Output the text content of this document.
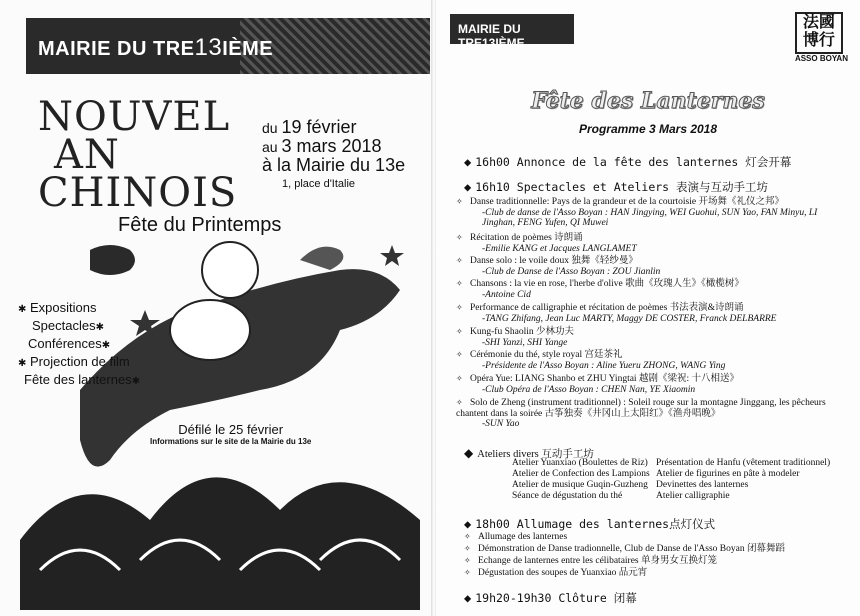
MAIRIE DU TRE13IÈME
NOUVEL
AN
CHINOIS
du 19 février
au 3 mars 2018
à la Mairie du 13e
1, place d'Italie
Fête du Printemps
✱ Expositions
Spectacles✱
Conférences✱
✱ Projection de film
Fête des lanternes✱
Défilé le 25 février
Informations sur le site de la Mairie du 13e
MAIRIE DU TRE13IÈME
法國博行
ASSO BOYAN
Fête des Lanternes
Programme 3 Mars 2018
◆ 16h00 Annonce de la fête des lanternes 灯会开幕
◆ 16h10 Spectacles et Ateliers 表演与互动手工坊
✧ Danse traditionnelle: Pays de la grandeur et de la courtoisie 开场舞《礼仪之邦》
-Club de danse de l'Asso Boyan : HAN Jingying, WEI Guohui, SUN Yao, FAN Minyu, LI Jinghan, FENG Yufen, QI Muwei
✧ Récitation de poèmes 诗朗诵
-Emilie KANG et Jacques LANGLAMET
✧ Danse solo : le voile doux 独舞《轻纱曼》
-Club de Danse de l'Asso Boyan : ZOU Jianlin
✧ Chansons : la vie en rose, l'herbe d'olive 歌曲《玫瑰人生》《橄榄树》
-Antoine Cid
✧ Performance de calligraphie et récitation de poèmes 书法表演&诗朗诵
-TANG Zhifang, Jean Luc MARTY, Maggy DE COSTER, Franck DELBARRE
✧ Kung-fu Shaolin 少林功夫
-SHI Yanzi, SHI Yange
✧ Cérémonie du thé, style royal 宫廷茶礼
-Présidente de l'Asso Boyan : Aline Yueru ZHONG, WANG Ying
✧ Opéra Yue: LIANG Shanbo et ZHU Yingtai 越剧《梁祝: 十八相送》
-Club Opéra de l'Asso Boyan : CHEN Nan, YE Xiaomin
✧ Solo de Zheng (instrument traditionnel) : Soleil rouge sur la montagne Jinggang, les pêcheurs chantent dans la soirée 古筝独奏《井冈山上太阳红》《渔舟唱晚》
-SUN Yao
◆ Ateliers divers 互动手工坊
Atelier Yuanxiao (Boulettes de Riz)
Atelier de Confection des Lampions
Atelier de musique Guqin-Guzheng
Séance de dégustation du thé
Présentation de Hanfu (vêtement traditionnel)
Atelier de figurines en pâte à modeler
Devinettes des lanternes
Atelier calligraphie
◆ 18h00 Allumage des lanternes点灯仪式
✧ Allumage des lanternes
✧ Démonstration de Danse tradionnelle, Club de Danse de l'Asso Boyan 闭幕舞蹈
✧ Echange de lanternes entre les célibataires 单身男女互换灯笼
✧ Dégustation des soupes de Yuanxiao 品元宵
◆ 19h20-19h30 Clôture 闭幕
